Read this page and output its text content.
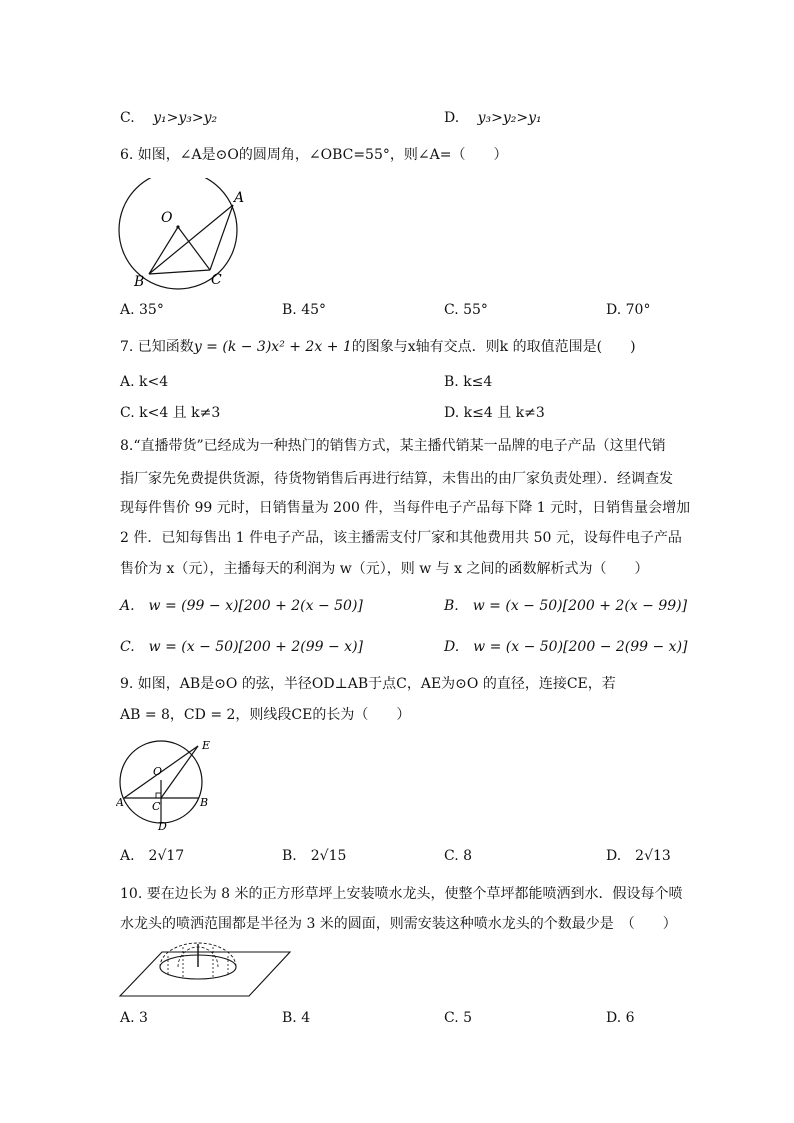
C. y₁>y₃>y₂	D. y₃>y₂>y₁
6. 如图，∠A是⊙O的圆周角，∠OBC=55°，则∠A=（　　）
O
A
B	C
A. 35°	B. 45°	C. 55°	D. 70°
7. 已知函数y = (k − 3)x² + 2x + 1的图象与x轴有交点．则k 的取值范围是(　　)
A. k<4	B. k≤4
C. k<4 且 k≠3	D. k≤4 且 k≠3
8.“直播带货”已经成为一种热门的销售方式，某主播代销某一品牌的电子产品（这里代销
指厂家先免费提供货源，待货物销售后再进行结算，未售出的由厂家负责处理）．经调查发
现每件售价 99 元时，日销售量为 200 件，当每件电子产品每下降 1 元时，日销售量会增加
2 件．已知每售出 1 件电子产品，该主播需支付厂家和其他费用共 50 元，设每件电子产品
售价为 x（元），主播每天的利润为 w（元），则 w 与 x 之间的函数解析式为（　　）
A.　w = (99 − x)[200 + 2(x − 50)]	B.　w = (x − 50)[200 + 2(x − 99)]
C.　w = (x − 50)[200 + 2(99 − x)]	D.　w = (x − 50)[200 − 2(99 − x)]
9. 如图，AB是⊙O 的弦，半径OD⊥AB于点C，AE为⊙O 的直径，连接CE，若
AB = 8，CD = 2，则线段CE的长为（　　）
E
O
A	C	B
D
A.　2√17	B.　2√15	C. 8	D.　2√13
10. 要在边长为 8 米的正方形草坪上安装喷水龙头，使整个草坪都能喷洒到水．假设每个喷
水龙头的喷洒范围都是半径为 3 米的圆面，则需安装这种喷水龙头的个数最少是　（　　）
A. 3	B. 4	C. 5	D. 6
